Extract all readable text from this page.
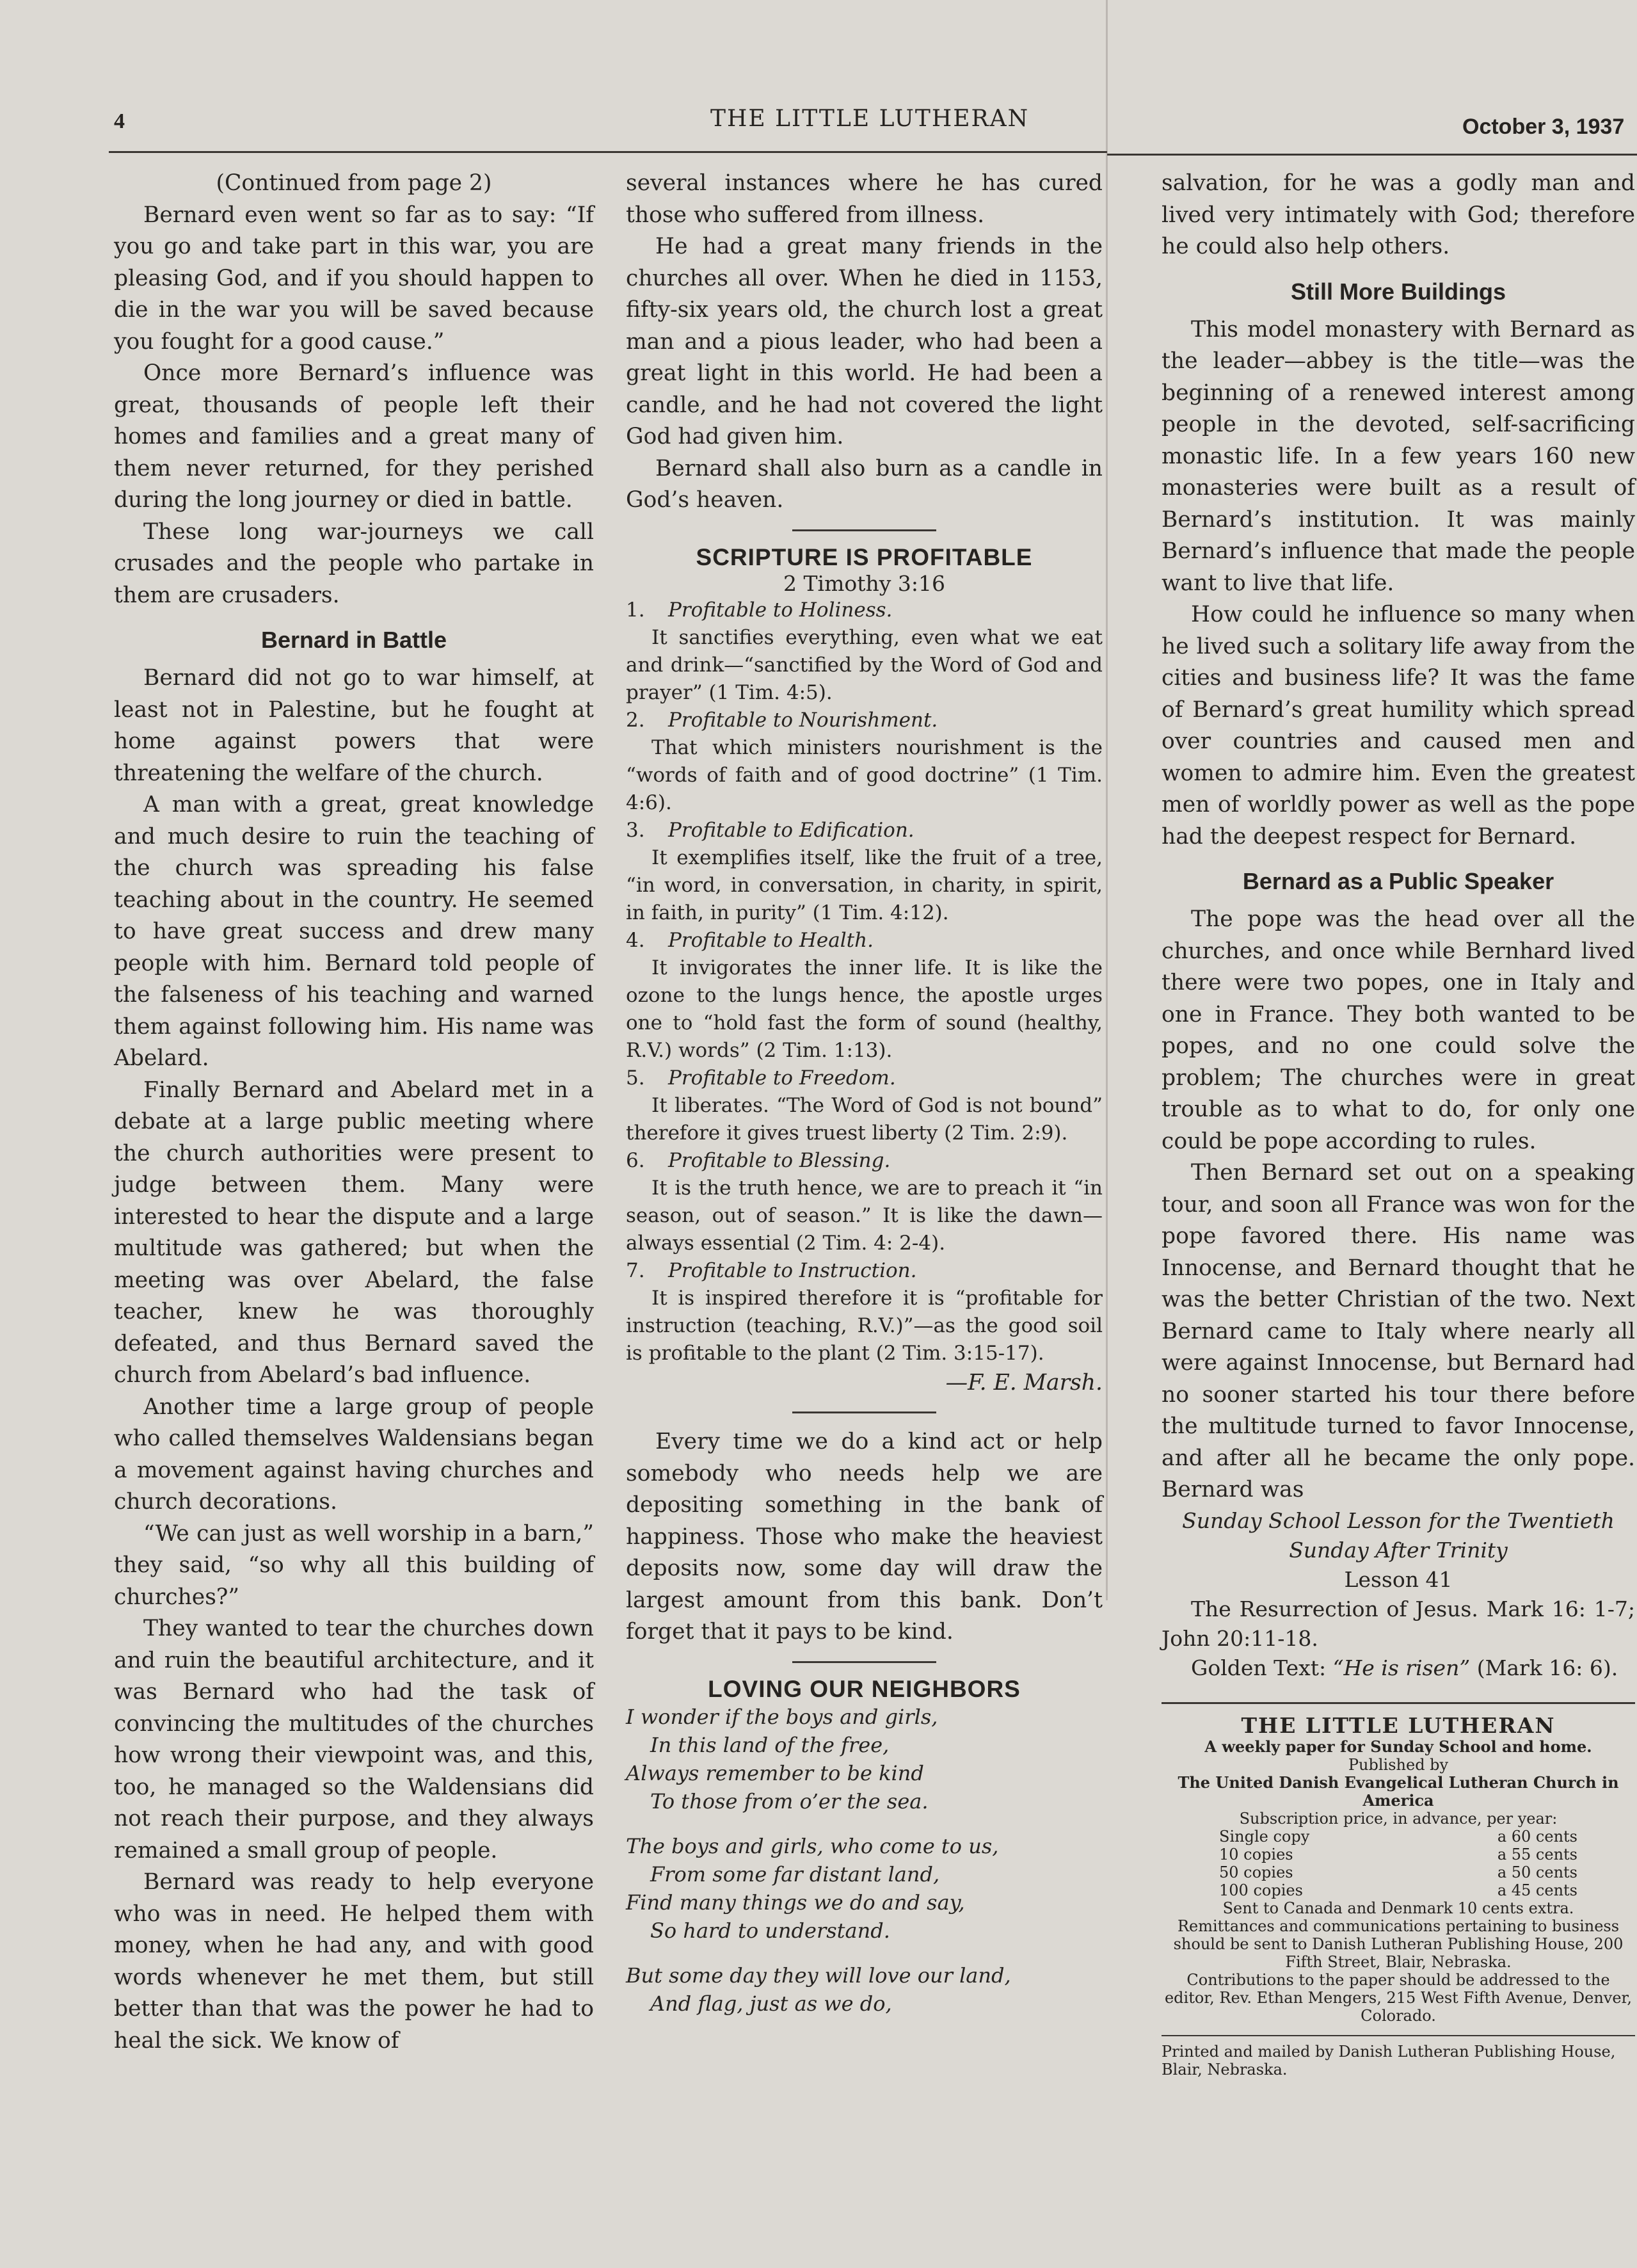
4	THE LITTLE LUTHERAN	October 3, 1937

(Continued from page 2)

Bernard even went so far as to say: “If you go and take part in this war, you are pleasing God, and if you should happen to die in the war you will be saved because you fought for a good cause.”

Once more Bernard’s influence was great, thousands of people left their homes and families and a great many of them never returned, for they perished during the long journey or died in battle.

These long war-journeys we call crusades and the people who partake in them are crusaders.

Bernard in Battle

Bernard did not go to war himself, at least not in Palestine, but he fought at home against powers that were threatening the welfare of the church.

A man with a great, great knowledge and much desire to ruin the teaching of the church was spreading his false teaching about in the country. He seemed to have great success and drew many people with him. Bernard told people of the falseness of his teaching and warned them against following him. His name was Abelard.

Finally Bernard and Abelard met in a debate at a large public meeting where the church authorities were present to judge between them. Many were interested to hear the dispute and a large multitude was gathered; but when the meeting was over Abelard, the false teacher, knew he was thoroughly defeated, and thus Bernard saved the church from Abelard’s bad influence.

Another time a large group of people who called themselves Waldensians began a movement against having churches and church decorations.

“We can just as well worship in a barn,” they said, “so why all this building of churches?”

They wanted to tear the churches down and ruin the beautiful architecture, and it was Bernard who had the task of convincing the multitudes of the churches how wrong their viewpoint was, and this, too, he managed so the Waldensians did not reach their purpose, and they always remained a small group of people.

Bernard was ready to help everyone who was in need. He helped them with money, when he had any, and with good words whenever he met them, but still better than that was the power he had to heal the sick. We know of

several instances where he has cured those who suffered from illness.

He had a great many friends in the churches all over. When he died in 1153, fifty-six years old, the church lost a great man and a pious leader, who had been a great light in this world. He had been a candle, and he had not covered the light God had given him.

Bernard shall also burn as a candle in God’s heaven.

SCRIPTURE IS PROFITABLE
2 Timothy 3:16
1. Profitable to Holiness.

It sanctifies everything, even what we eat and drink—“sanctified by the Word of God and prayer” (1 Tim. 4:5).

2. Profitable to Nourishment.

That which ministers nourishment is the “words of faith and of good doctrine” (1 Tim. 4:6).

3. Profitable to Edification.

It exemplifies itself, like the fruit of a tree, “in word, in conversation, in charity, in spirit, in faith, in purity” (1 Tim. 4:12).

4. Profitable to Health.

It invigorates the inner life. It is like the ozone to the lungs hence, the apostle urges one to “hold fast the form of sound (healthy, R.V.) words” (2 Tim. 1:13).

5. Profitable to Freedom.

It liberates. “The Word of God is not bound” therefore it gives truest liberty (2 Tim. 2:9).

6. Profitable to Blessing.

It is the truth hence, we are to preach it “in season, out of season.” It is like the dawn—always essential (2 Tim. 4: 2-4).

7. Profitable to Instruction.

It is inspired therefore it is “profitable for instruction (teaching, R.V.)”—as the good soil is profitable to the plant (2 Tim. 3:15-17).

—F. E. Marsh.

Every time we do a kind act or help somebody who needs help we are depositing something in the bank of happiness. Those who make the heaviest deposits now, some day will draw the largest amount from this bank. Don’t forget that it pays to be kind.

LOVING OUR NEIGHBORS

I wonder if the boys and girls,

In this land of the free,

Always remember to be kind

To those from o’er the sea.

The boys and girls, who come to us,

From some far distant land,

Find many things we do and say,

So hard to understand.

But some day they will love our land,

And flag, just as we do,

salvation, for he was a godly man and lived very intimately with God; therefore he could also help others.

Still More Buildings

This model monastery with Bernard as the leader—abbey is the title—was the beginning of a renewed interest among people in the devoted, self-sacrificing monastic life. In a few years 160 new monasteries were built as a result of Bernard’s institution. It was mainly Bernard’s influence that made the people want to live that life.

How could he influence so many when he lived such a solitary life away from the cities and business life? It was the fame of Bernard’s great humility which spread over countries and caused men and women to admire him. Even the greatest men of worldly power as well as the pope had the deepest respect for Bernard.

Bernard as a Public Speaker

The pope was the head over all the churches, and once while Bernhard lived there were two popes, one in Italy and one in France. They both wanted to be popes, and no one could solve the problem; The churches were in great trouble as to what to do, for only one could be pope according to rules.

Then Bernard set out on a speaking tour, and soon all France was won for the pope favored there. His name was Innocense, and Bernard thought that he was the better Christian of the two. Next Bernard came to Italy where nearly all were against Innocense, but Bernard had no sooner started his tour there before the multitude turned to favor Innocense, and after all he became the only pope. Bernard was

Sunday School Lesson for the Twentieth

Sunday After Trinity

Lesson 41

The Resurrection of Jesus. Mark 16: 1-7; John 20:11-18.

Golden Text: “He is risen” (Mark 16: 6).

THE LITTLE LUTHERAN
A weekly paper for Sunday School and home.
Published by
The United Danish Evangelical Lutheran Church in America
Subscription price, in advance, per year:
Single copy	a 60 cents
10 copies	a 55 cents
50 copies	a 50 cents
100 copies	a 45 cents
Sent to Canada and Denmark 10 cents extra.
Remittances and communications pertaining to business should be sent to Danish Lutheran Publishing House, 200 Fifth Street, Blair, Nebraska.
Contributions to the paper should be addressed to the editor, Rev. Ethan Mengers, 215 West Fifth Avenue, Denver, Colorado.
Printed and mailed by Danish Lutheran Publishing House, Blair, Nebraska.
